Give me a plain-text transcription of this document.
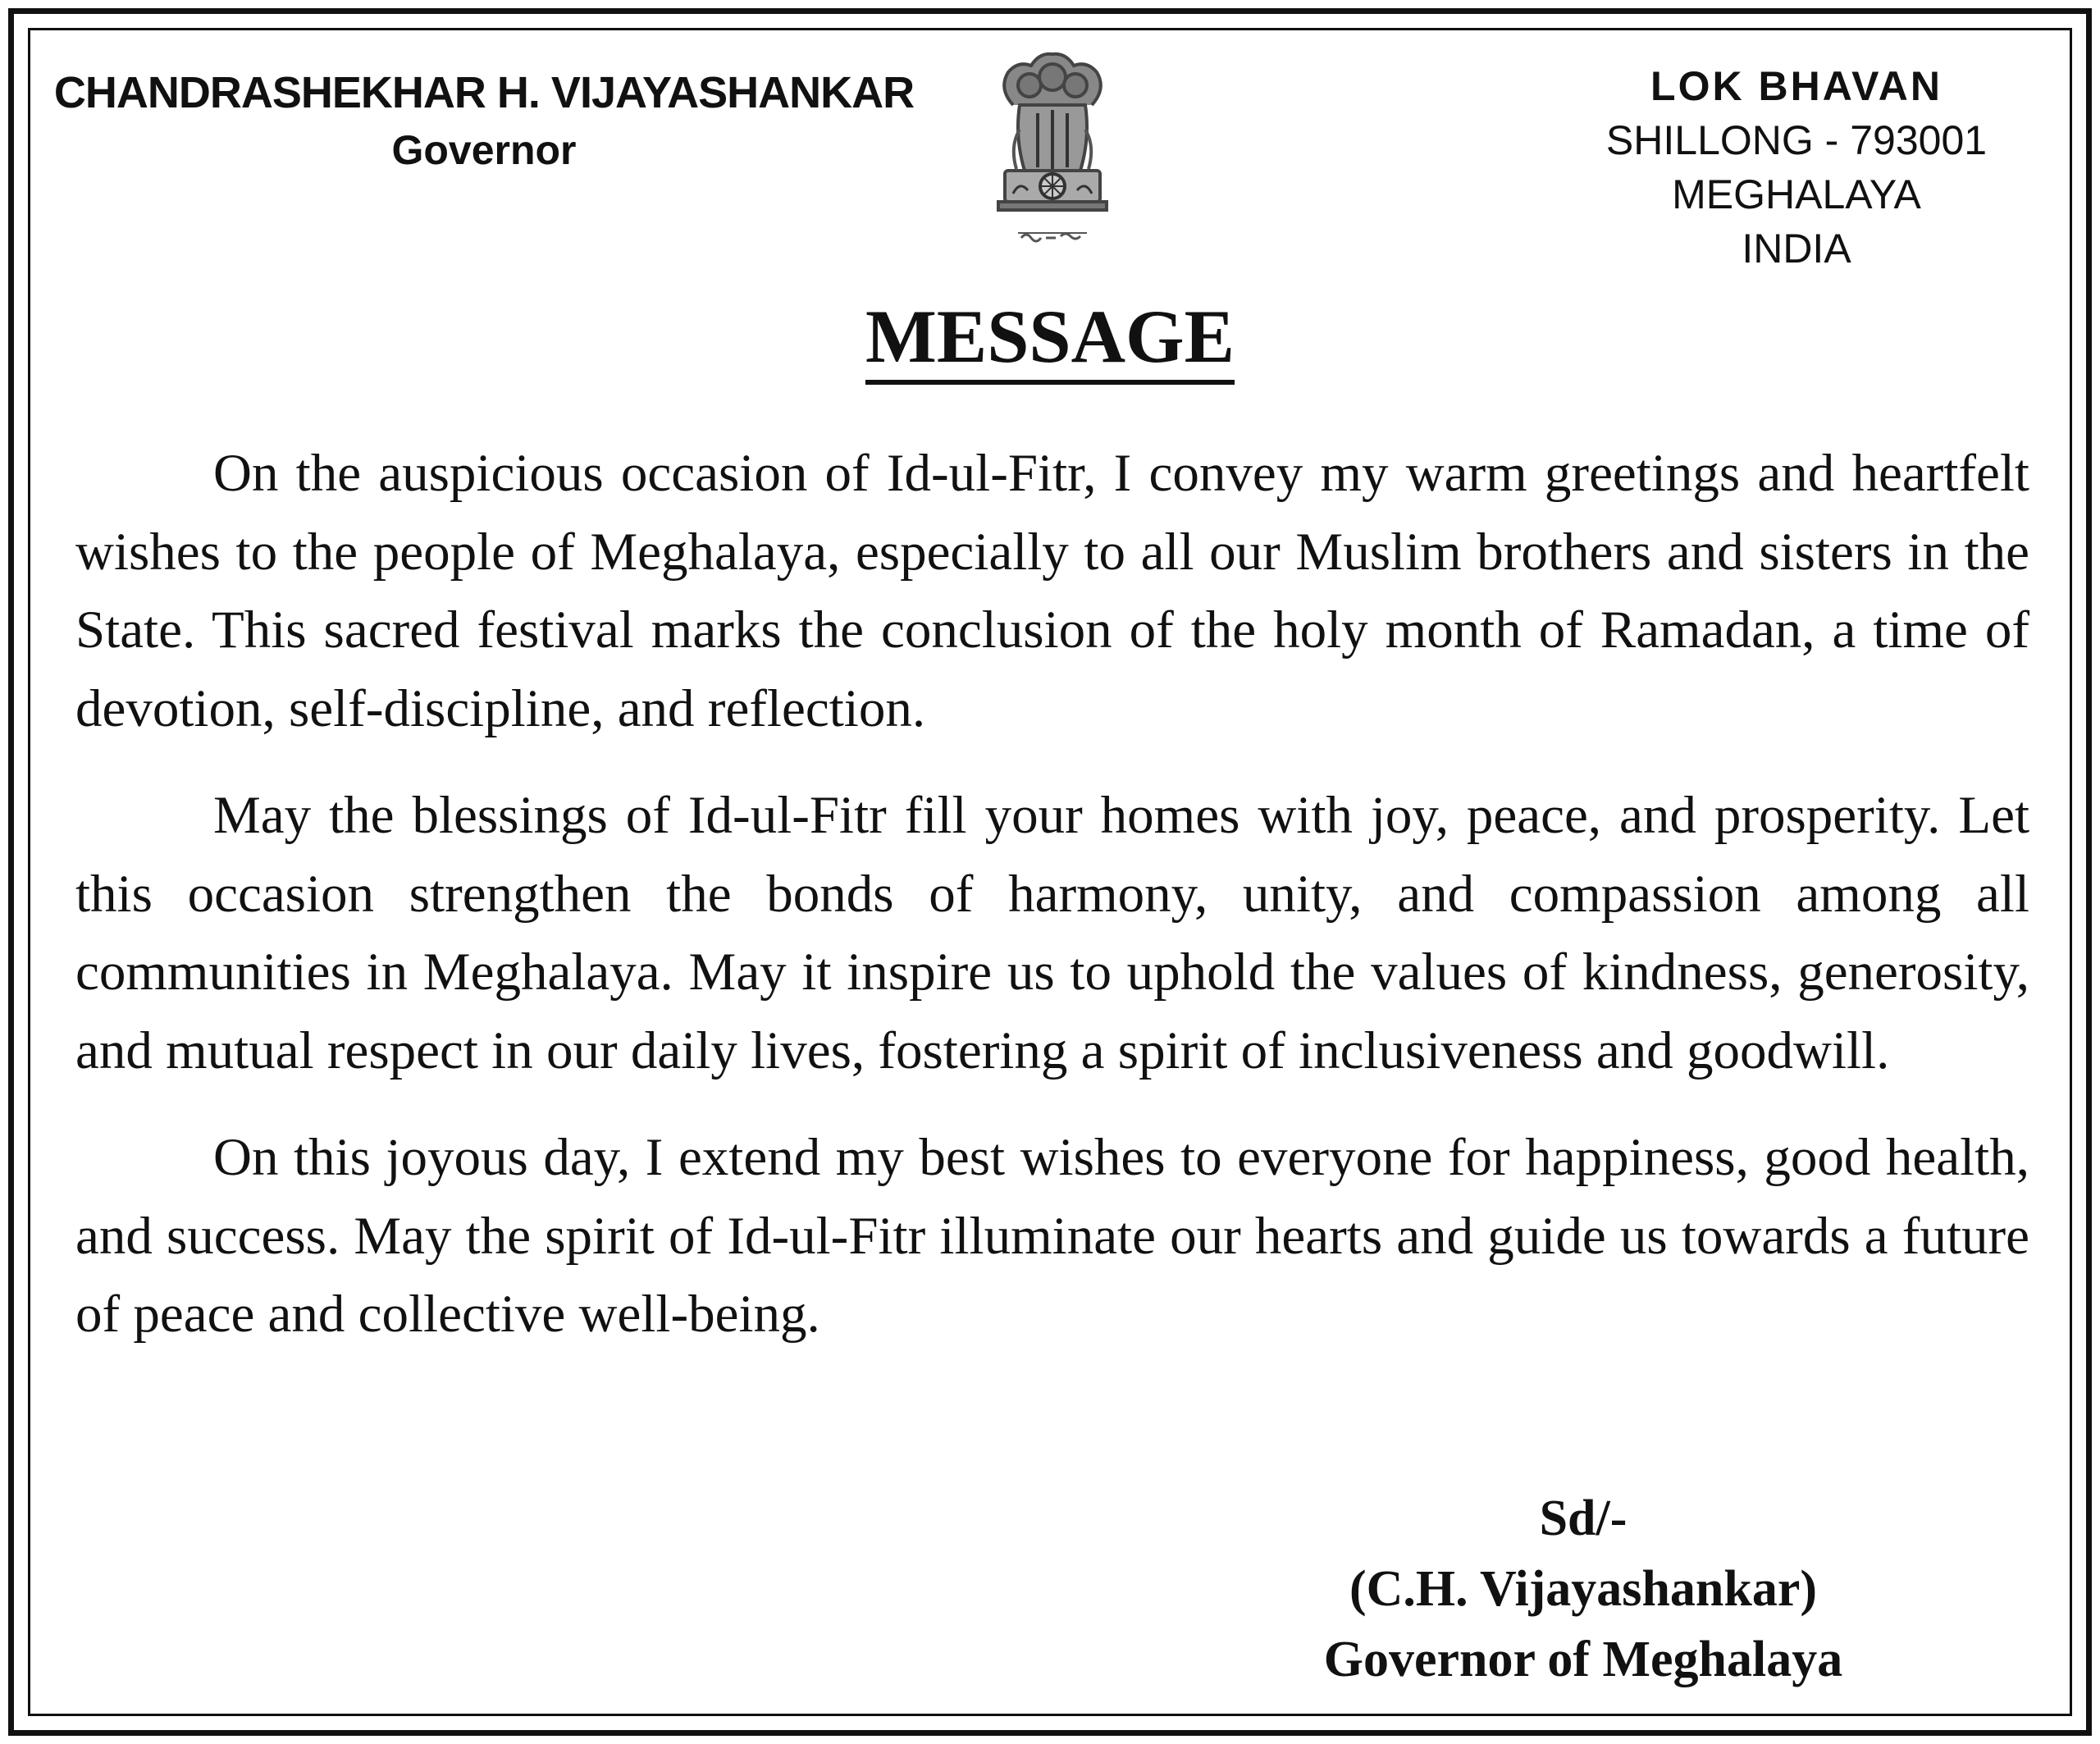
CHANDRASHEKHAR H. VIJAYASHANKAR
Governor
LOK BHAVAN
SHILLONG - 793001
MEGHALAYA
INDIA
MESSAGE

On the auspicious occasion of Id-ul-Fitr, I convey my warm greetings and heartfelt wishes to the people of Meghalaya, especially to all our Muslim brothers and sisters in the State. This sacred festival marks the conclusion of the holy month of Ramadan, a time of devotion, self-discipline, and reflection.

May the blessings of Id-ul-Fitr fill your homes with joy, peace, and prosperity. Let this occasion strengthen the bonds of harmony, unity, and compassion among all communities in Meghalaya. May it inspire us to uphold the values of kindness, generosity, and mutual respect in our daily lives, fostering a spirit of inclusiveness and goodwill.

On this joyous day, I extend my best wishes to everyone for happiness, good health, and success. May the spirit of Id-ul-Fitr illuminate our hearts and guide us towards a future of peace and collective well-being.

Sd/-
(C.H. Vijayashankar)
Governor of Meghalaya
